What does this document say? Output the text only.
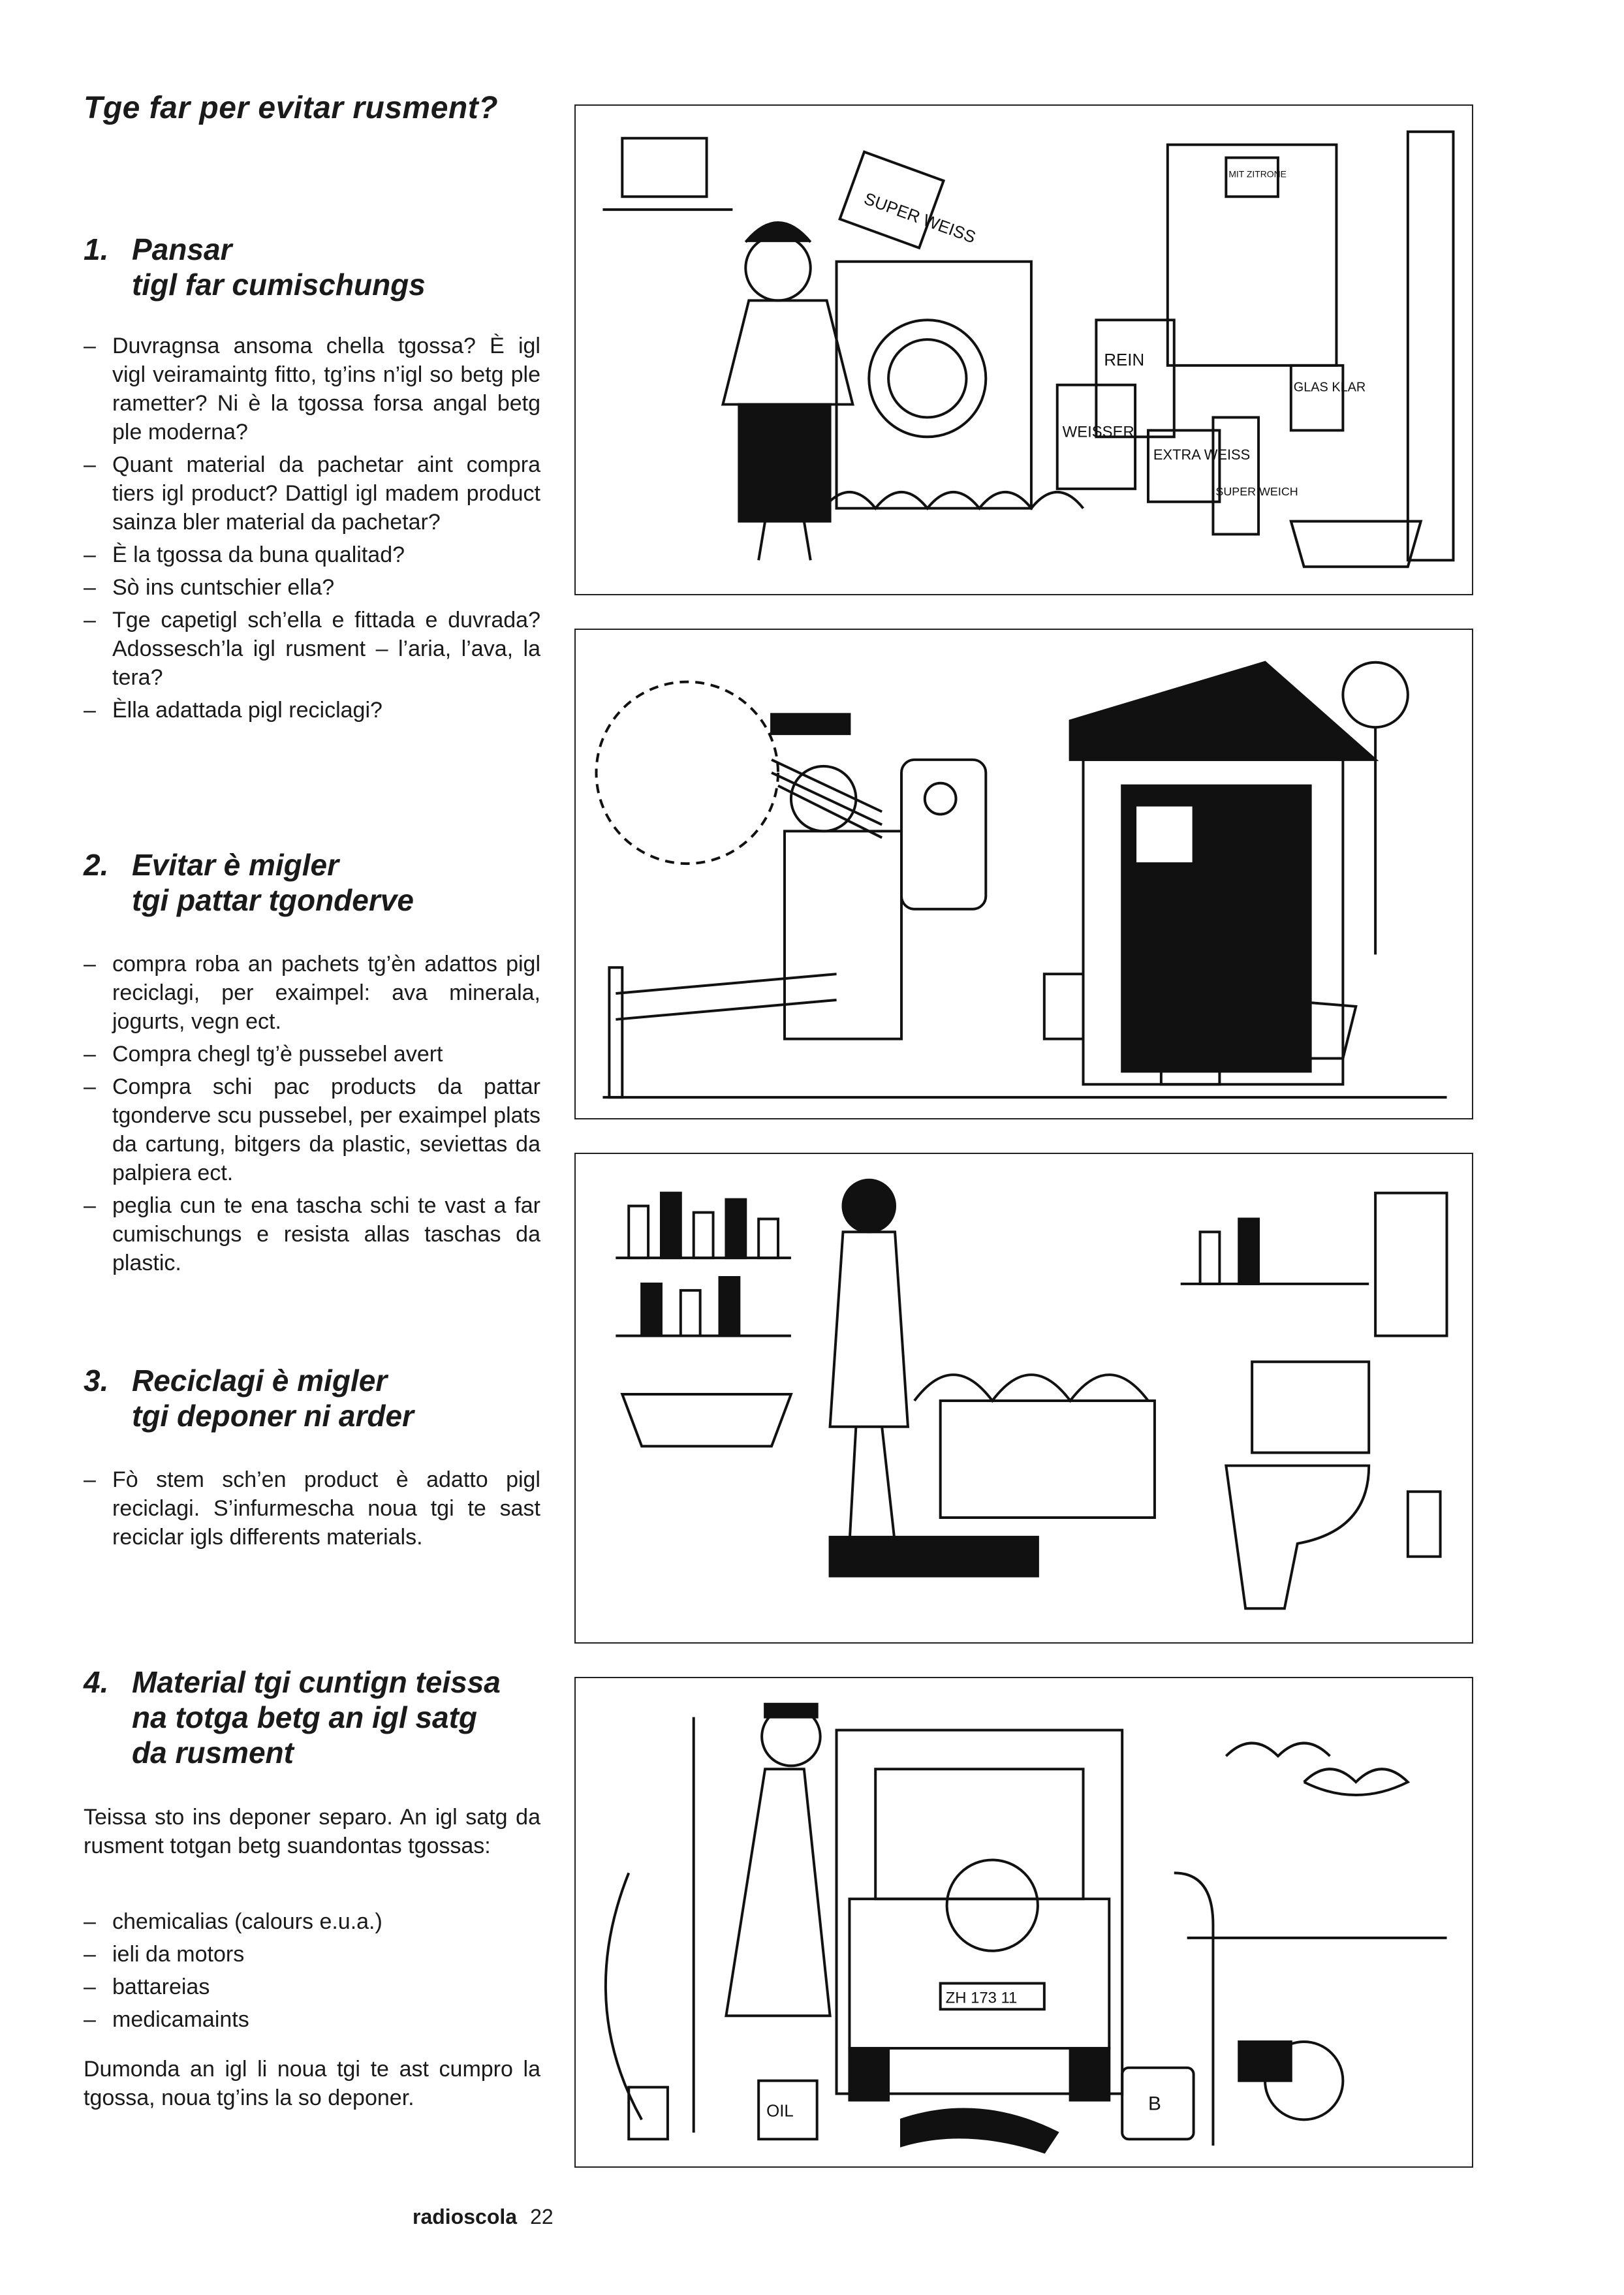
Tge far per evitar rusment?
1. Pansar
tigl far cumischungs
– Duvragnsa ansoma chella tgossa? È igl vigl veiramaintg fitto, tg’ins n’igl so betg ple rametter? Ni è la tgossa forsa angal betg ple moderna?
– Quant material da pachetar aint compra tiers igl product? Dattigl igl madem product sainza bler material da pachetar?
– È la tgossa da buna qualitad?
– Sò ins cuntschier ella?
– Tge capetigl sch’ella e fittada e duvrada? Adossesch’la igl rusment – l’aria, l’ava, la tera?
– Èlla adattada pigl reciclagi?
2. Evitar è migler
tgi pattar tgonderve
– compra roba an pachets tg’èn adattos pigl reciclagi, per exaimpel: ava minerala, jogurts, vegn ect.
– Compra chegl tg’è pussebel avert
– Compra schi pac products da pattar tgonderve scu pussebel, per exaimpel plats da cartung, bitgers da plastic, seviettas da palpiera ect.
– peglia cun te ena tascha schi te vast a far cumischungs e resista allas taschas da plastic.
3. Reciclagi è migler
tgi deponer ni arder
– Fò stem sch’en product è adatto pigl reciclagi. S’infurmescha noua tgi te sast reciclar igls differents materials.
4. Material tgi cuntign teissa
na totga betg an igl satg
da rusment

Teissa sto ins deponer separo. An igl satg da rusment totgan betg suandontas tgossas:

– chemicalias (calours e.u.a.)
– ieli da motors
– battareias
– medicamaints

Dumonda an igl li noua tgi te ast cumpro la tgossa, noua tg’ins la so deponer.

SUPER WEISS
REIN
WEISSER
EXTRA WEISS
SUPER WEICH
MIT ZITRONE
GLAS KLAR
ZH 173 11
OIL	B
radioscola 22
